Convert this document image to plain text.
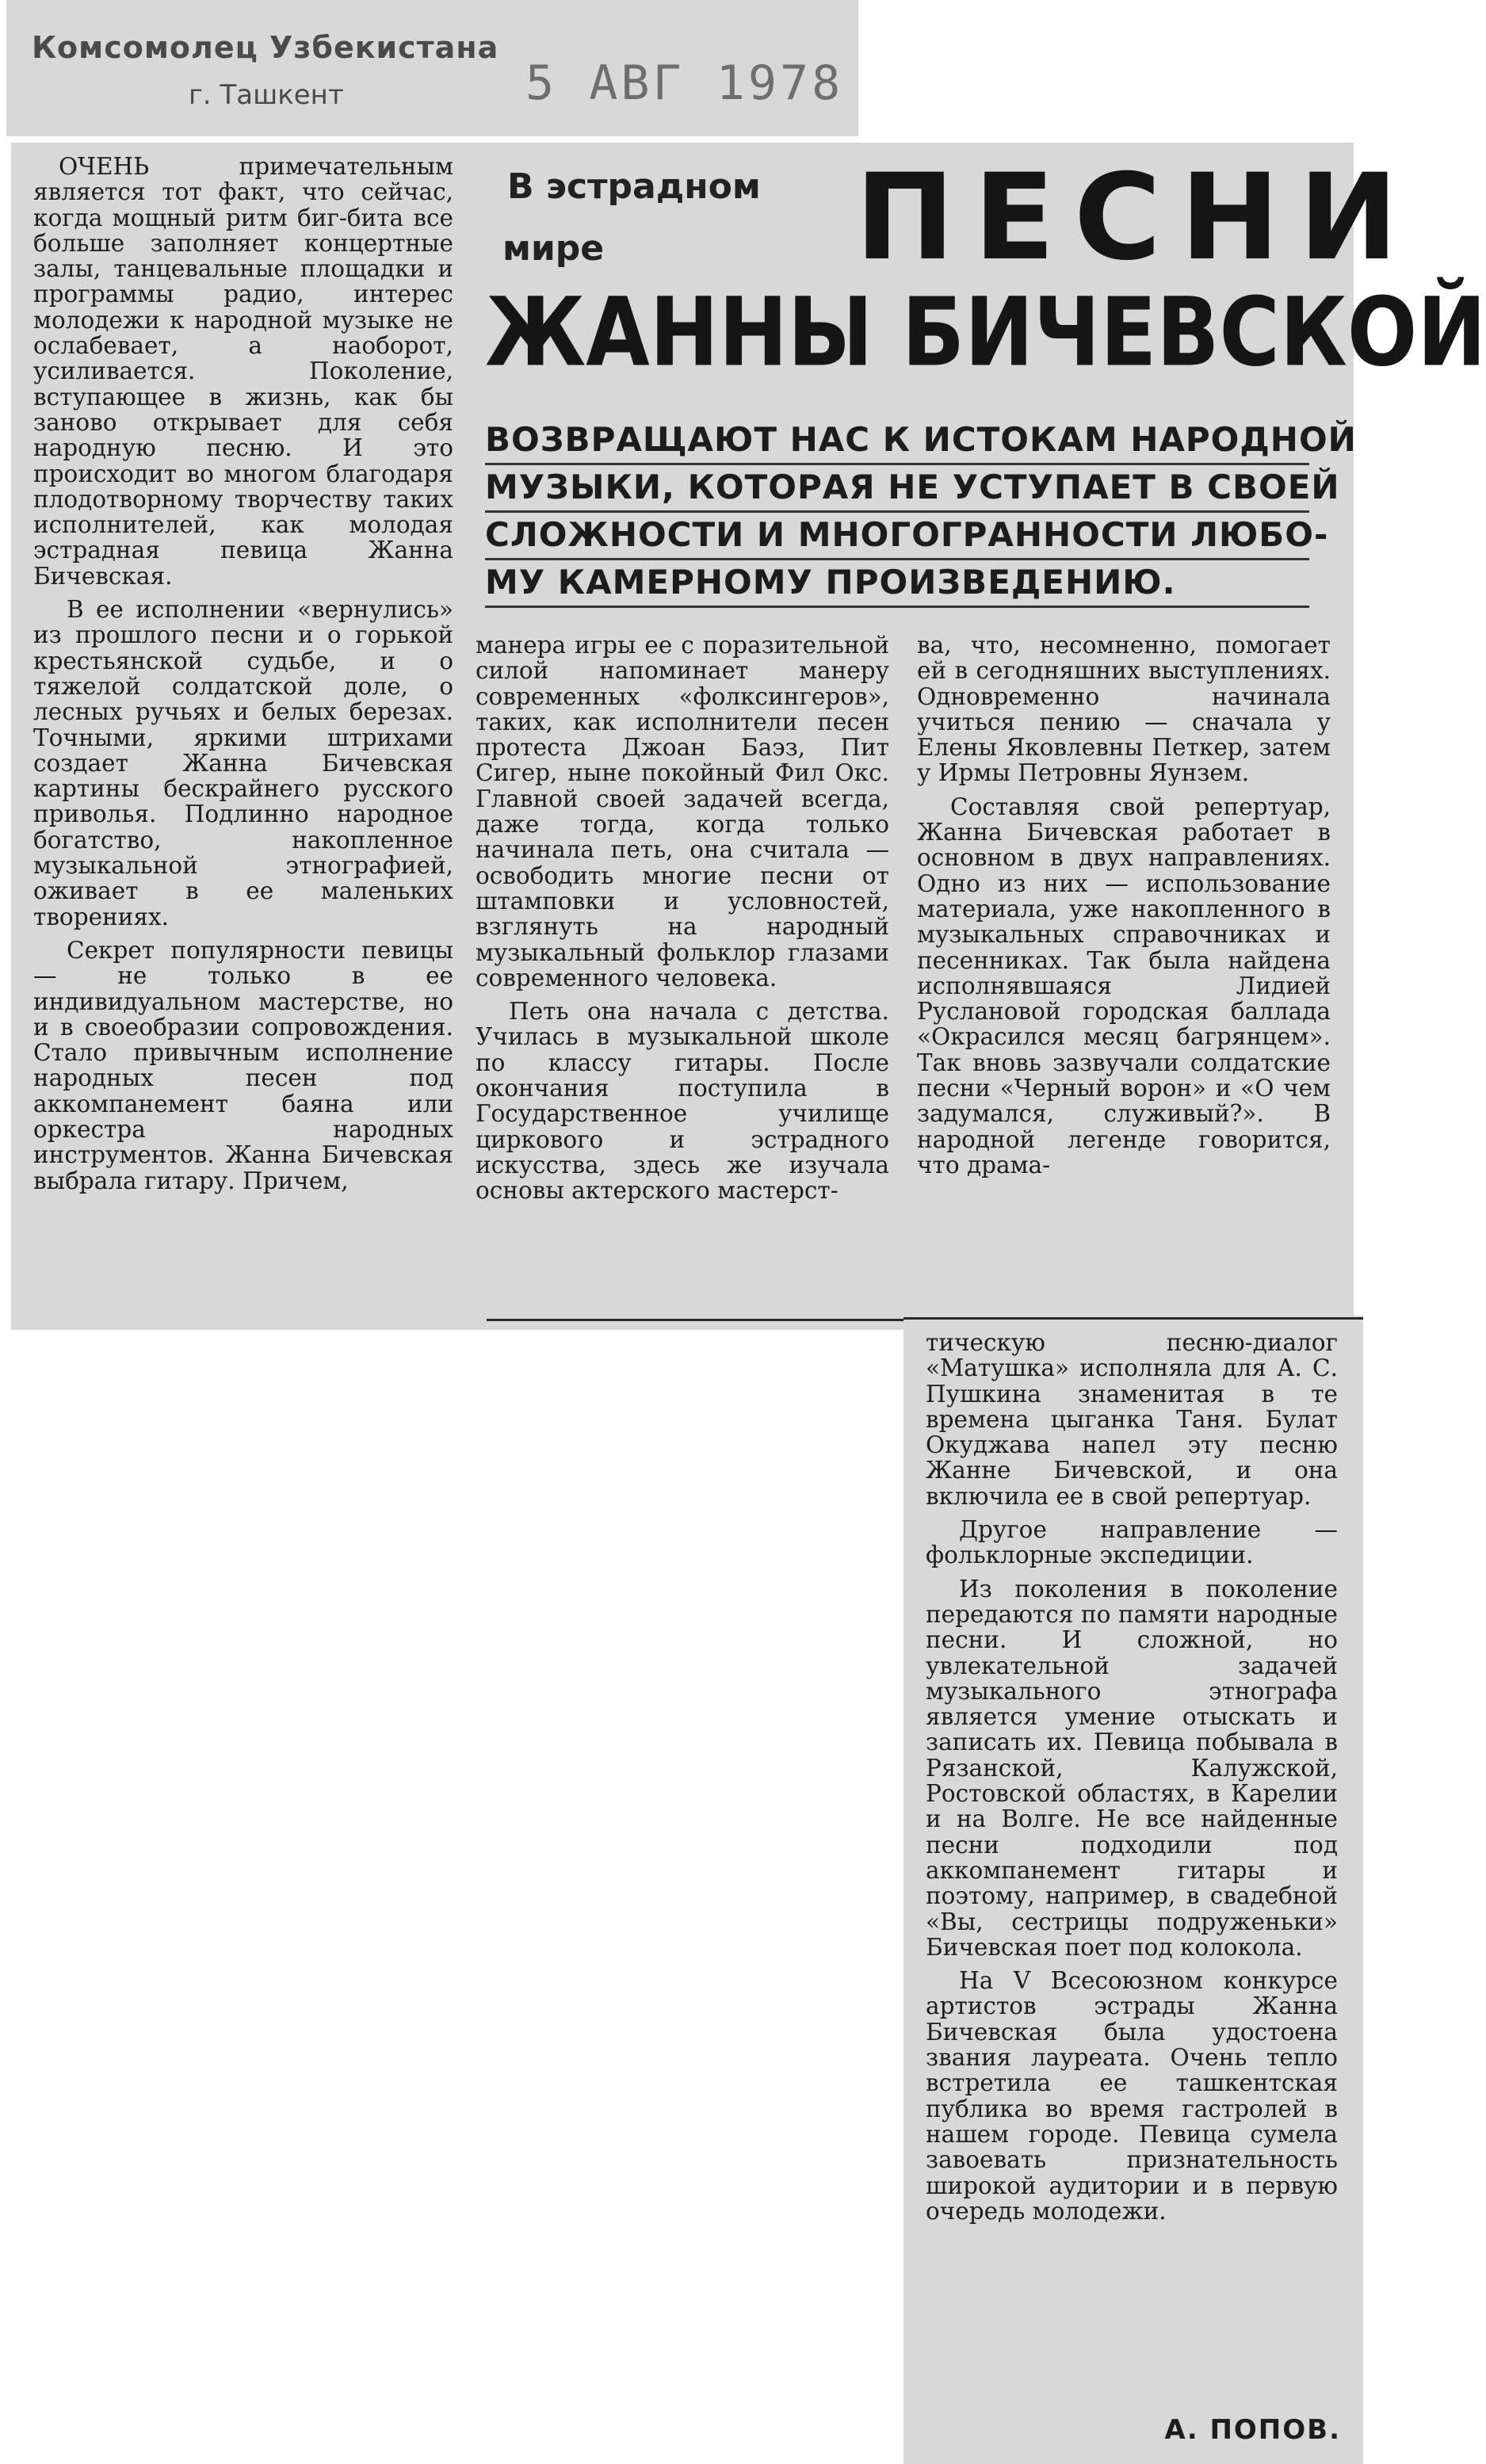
Комсомолец Узбекистана
г. Ташкент	5 АВГ 1978

ОЧЕНЬ примечательным является тот факт, что сейчас, когда мощный ритм биг-бита все больше заполняет концертные залы, танцевальные площадки и программы радио, интерес молодежи к народной музыке не ослабевает, а наоборот, усиливается. Поколение, вступающее в жизнь, как бы заново открывает для себя народную песню. И это происходит во многом благодаря плодотворному творчеству таких исполнителей, как молодая эстрадная певица Жанна Бичевская.

В ее исполнении «вернулись» из прошлого песни и о горькой крестьянской судьбе, и о тяжелой солдатской доле, о лесных ручьях и белых березах. Точными, яркими штрихами создает Жанна Бичевская картины бескрайнего русского приволья. Подлинно народное богатство, накопленное музыкальной этнографией, оживает в ее маленьких творениях.

Секрет популярности певицы — не только в ее индивидуальном мастерстве, но и в своеобразии сопровождения. Стало привычным исполнение народных песен под аккомпанемент баяна или оркестра народных инструментов. Жанна Бичевская выбрала гитару. Причем,

В эстрадном
мире ПЕСНИ
ЖАННЫ БИЧЕВСКОЙ
ВОЗВРАЩАЮТ НАС К ИСТОКАМ НАРОДНОЙ
МУЗЫКИ, КОТОРАЯ НЕ УСТУПАЕТ В СВОЕЙ
СЛОЖНОСТИ И МНОГОГРАННОСТИ ЛЮБО-
МУ КАМЕРНОМУ ПРОИЗВЕДЕНИЮ.

манера игры ее с поразительной силой напоминает манеру современных «фолксингеров», таких, как исполнители песен протеста Джоан Баэз, Пит Сигер, ныне покойный Фил Окс. Главной своей задачей всегда, даже тогда, когда только начинала петь, она считала — освободить многие песни от штамповки и условностей, взглянуть на народный музыкальный фольклор глазами современного человека.

Петь она начала с детства. Училась в музыкальной школе по классу гитары. После окончания поступила в Государственное училище циркового и эстрадного искусства, здесь же изучала основы актерского мастерст-

ва, что, несомненно, помогает ей в сегодняшних выступлениях. Одновременно начинала учиться пению — сначала у Елены Яковлевны Петкер, затем у Ирмы Петровны Яунзем.

Составляя свой репертуар, Жанна Бичевская работает в основном в двух направлениях. Одно из них — использование материала, уже накопленного в музыкальных справочниках и песенниках. Так была найдена исполнявшаяся Лидией Руслановой городская баллада «Окрасился месяц багрянцем». Так вновь зазвучали солдатские песни «Черный ворон» и «О чем задумался, служивый?». В народной легенде говорится, что драма-

тическую песню-диалог «Матушка» исполняла для А. С. Пушкина знаменитая в те времена цыганка Таня. Булат Окуджава напел эту песню Жанне Бичевской, и она включила ее в свой репертуар.

Другое направление — фольклорные экспедиции.

Из поколения в поколение передаются по памяти народные песни. И сложной, но увлекательной задачей музыкального этнографа является умение отыскать и записать их. Певица побывала в Рязанской, Калужской, Ростовской областях, в Карелии и на Волге. Не все найденные песни подходили под аккомпанемент гитары и поэтому, например, в свадебной «Вы, сестрицы подруженьки» Бичевская поет под колокола.

На V Всесоюзном конкурсе артистов эстрады Жанна Бичевская была удостоена звания лауреата. Очень тепло встретила ее ташкентская публика во время гастролей в нашем городе. Певица сумела завоевать признательность широкой аудитории и в первую очередь молодежи.

А. ПОПОВ.
